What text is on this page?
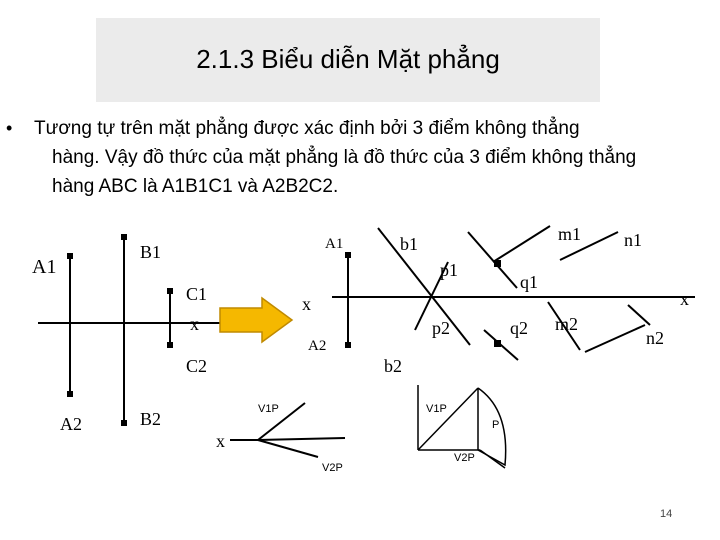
2.1.3 Biểu diễn Mặt phẳng
• Tương tự trên mặt phẳng được xác định bởi 3 điểm không thẳng
hàng. Vậy đồ thức của mặt phẳng là đồ thức của 3 điểm không thẳng
hàng ABC là A1B1C1 và A2B2C2.
A1
B1
C1
x
C2
A2	B2
x
A1
A2
b1
b2
p1
p2
q1
q2
m1 n1
m2
n2
x
x
V1P
V2P
V1P
V2P
P
14
